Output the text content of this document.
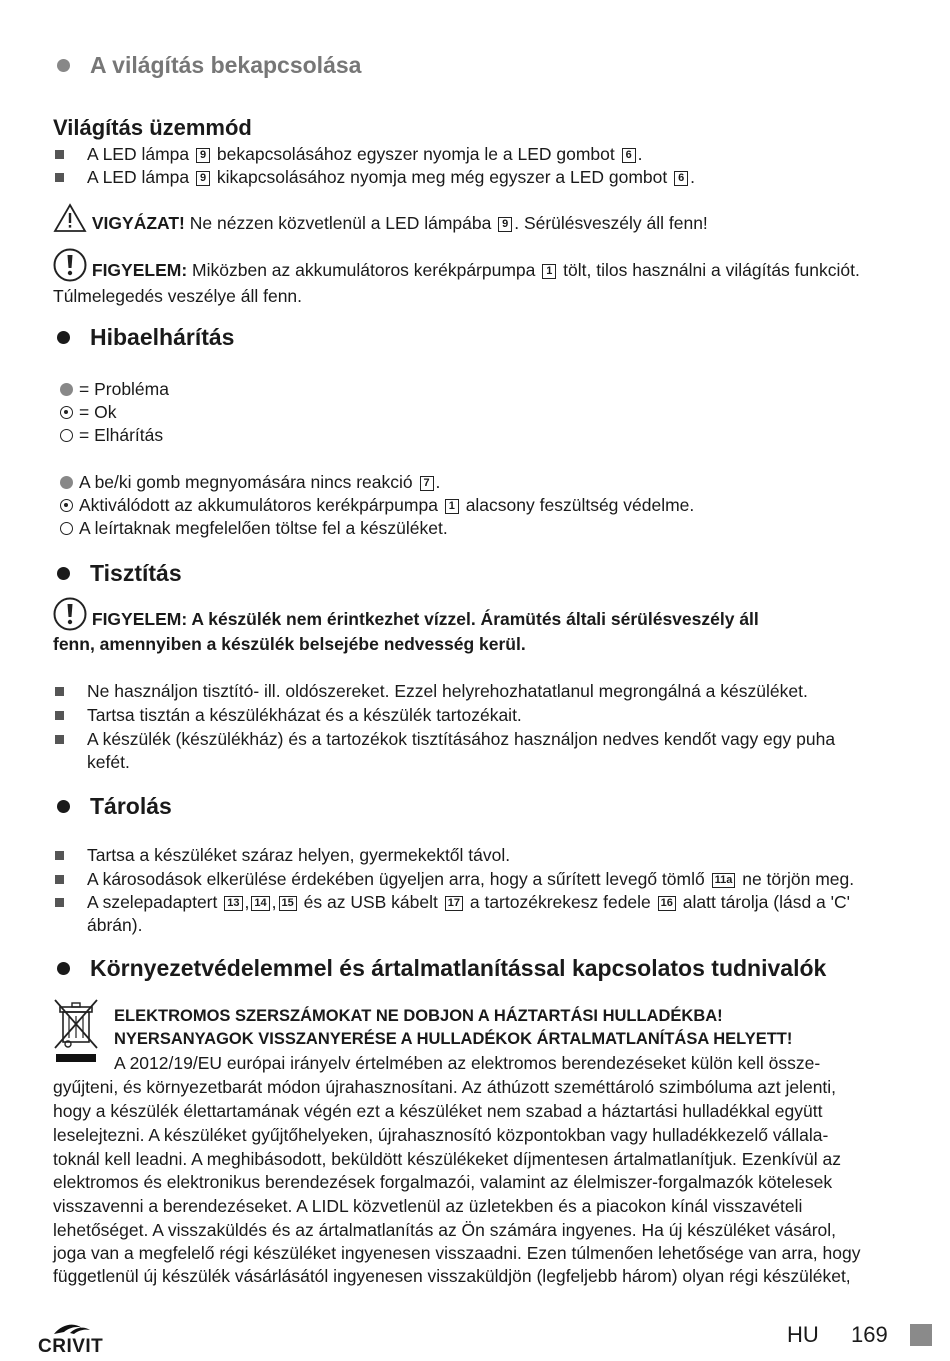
A világítás bekapcsolása
Világítás üzemmód
A LED lámpa 9 bekapcsolásához egyszer nyomja le a LED gombot 6 .
A LED lámpa 9 kikapcsolásához nyomja meg még egyszer a LED gombot 6 .
VIGYÁZAT! Ne nézzen közvetlenül a LED lámpába 9 . Sérülésveszély áll fenn!
FIGYELEM: Miközben az akkumulátoros kerékpárpumpa 1 tölt, tilos használni a világítás funkciót.
Túlmelegedés veszélye áll fenn.
Hibaelhárítás
= Probléma
= Ok
= Elhárítás
A be/ki gomb megnyomására nincs reakció 7 .
Aktiválódott az akkumulátoros kerékpárpumpa 1 alacsony feszültség védelme.
A leírtaknak megfelelően töltse fel a készüléket.
Tisztítás
FIGYELEM: A készülék nem érintkezhet vízzel. Áramütés általi sérülésveszély áll
fenn, amennyiben a készülék belsejébe nedvesség kerül.
Ne használjon tisztító- ill. oldószereket. Ezzel helyrehozhatatlanul megrongálná a készüléket.
Tartsa tisztán a készülékházat és a készülék tartozékait.
A készülék (készülékház) és a tartozékok tisztításához használjon nedves kendőt vagy egy puha
kefét.
Tárolás
Tartsa a készüléket száraz helyen, gyermekektől távol.
A károsodások elkerülése érdekében ügyeljen arra, hogy a sűrített levegő tömlő 11a ne törjön meg.
A szelepadaptert 13 , 14 , 15 és az USB kábelt 17 a tartozékrekesz fedele 16 alatt tárolja (lásd a 'C'
ábrán).
Környezetvédelemmel és ártalmatlanítással kapcsolatos tudnivalók
ELEKTROMOS SZERSZÁMOKAT NE DOBJON A HÁZTARTÁSI HULLADÉKBA!
NYERSANYAGOK VISSZANYERÉSE A HULLADÉKOK ÁRTALMATLANÍTÁSA HELYETT!
A 2012/19/EU európai irányelv értelmében az elektromos berendezéseket külön kell össze-
gyűjteni, és környezetbarát módon újrahasznosítani. Az áthúzott szeméttároló szimbóluma azt jelenti,
hogy a készülék élettartamának végén ezt a készüléket nem szabad a háztartási hulladékkal együtt
leselejtezni. A készüléket gyűjtőhelyeken, újrahasznosító központokban vagy hulladékkezelő vállala-
toknál kell leadni. A meghibásodott, beküldött készülékeket díjmentesen ártalmatlanítjuk. Ezenkívül az
elektromos és elektronikus berendezések forgalmazói, valamint az élelmiszer-forgalmazók kötelesek
visszavenni a berendezéseket. A LIDL közvetlenül az üzletekben és a piacokon kínál visszavételi
lehetőséget. A visszaküldés és az ártalmatlanítás az Ön számára ingyenes. Ha új készüléket vásárol,
joga van a megfelelő régi készüléket ingyenesen visszaadni. Ezen túlmenően lehetősége van arra, hogy
függetlenül új készülék vásárlásától ingyenesen visszaküldjön (legfeljebb három) olyan régi készüléket,
CRIVIT	HU 169
